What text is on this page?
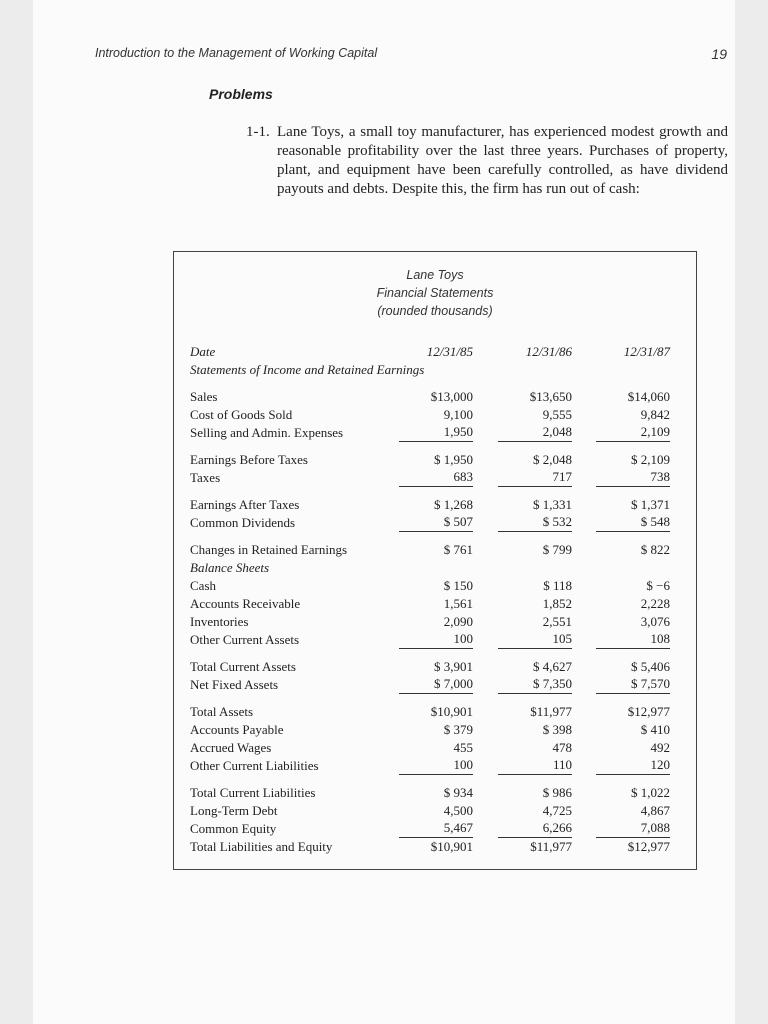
Introduction to the Management of Working Capital	19
Problems
1-1. Lane Toys, a small toy manufacturer, has experienced modest growth and reasonable profitability over the last three years. Purchases of property, plant, and equipment have been carefully controlled, as have dividend payouts and debts. Despite this, the firm has run out of cash:
Lane Toys
Financial Statements
(rounded thousands)
Date	12/31/85	12/31/86	12/31/87
Statements of Income and Retained Earnings
Sales	$13,000	$13,650	$14,060
Cost of Goods Sold	9,100	9,555	9,842
Selling and Admin. Expenses	1,950	2,048	2,109
Earnings Before Taxes	$ 1,950	$ 2,048	$ 2,109
Taxes	683	717	738
Earnings After Taxes	$ 1,268	$ 1,331	$ 1,371
Common Dividends	$ 507	$ 532	$ 548
Changes in Retained Earnings	$ 761	$ 799	$ 822
Balance Sheets
Cash	$ 150	$ 118	$ −6
Accounts Receivable	1,561	1,852	2,228
Inventories	2,090	2,551	3,076
Other Current Assets	100	105	108
Total Current Assets	$ 3,901	$ 4,627	$ 5,406
Net Fixed Assets	$ 7,000	$ 7,350	$ 7,570
Total Assets	$10,901	$11,977	$12,977
Accounts Payable	$ 379	$ 398	$ 410
Accrued Wages	455	478	492
Other Current Liabilities	100	110	120
Total Current Liabilities	$ 934	$ 986	$ 1,022
Long-Term Debt	4,500	4,725	4,867
Common Equity	5,467	6,266	7,088
Total Liabilities and Equity	$10,901	$11,977	$12,977
